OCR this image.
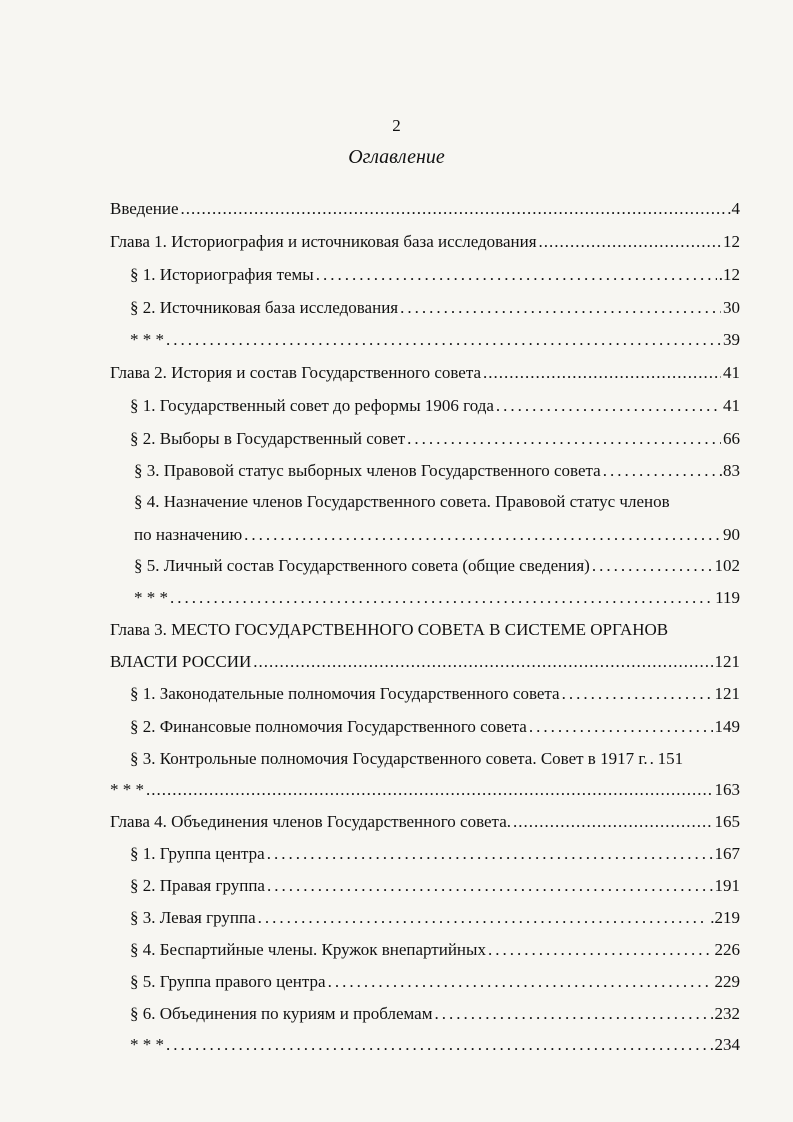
2
Оглавление
Введение .....	.4
Глава 1. Историография и источниковая база исследования .....	12
§ 1. Историография темы .....	.12
§ 2. Источниковая база исследования .....	30
* * * .....	39
Глава 2. История и состав Государственного совета .....	41
§ 1. Государственный совет до реформы 1906 года .....	41
§ 2. Выборы в Государственный совет .....	66
§ 3. Правовой статус выборных членов Государственного совета .....	.83
§ 4. Назначение членов Государственного совета. Правовой статус членов
по назначению .....	90
§ 5. Личный состав Государственного совета (общие сведения) .....	102
* * * .....	119
Глава 3. МЕСТО ГОСУДАРСТВЕННОГО СОВЕТА В СИСТЕМЕ ОРГАНОВ
ВЛАСТИ РОССИИ .....	121
§ 1. Законодательные полномочия Государственного совета .....	121
§ 2. Финансовые полномочия Государственного совета .....	149
§ 3. Контрольные полномочия Государственного совета. Совет в 1917 г. ..... 151
* * * .....	163
Глава 4. Объединения членов Государственного совета. .....	165
§ 1. Группа центра .....	167
§ 2. Правая группа .....	191
§ 3. Левая группа .....	.219
§ 4. Беспартийные члены. Кружок внепартийных .....	226
§ 5. Группа правого центра .....	229
§ 6. Объединения по куриям и проблемам .....	232
* * * .....	234
